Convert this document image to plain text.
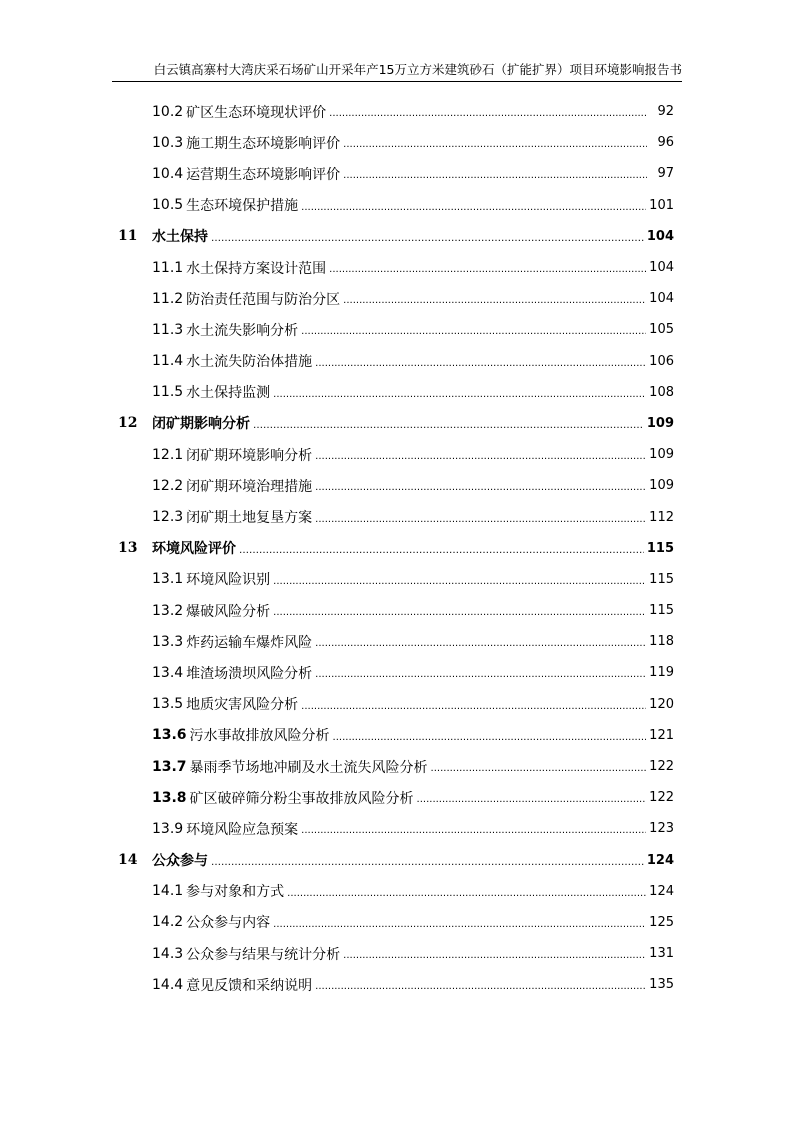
白云镇高寨村大湾庆采石场矿山开采年产15万立方米建筑砂石（扩能扩界）项目环境影响报告书
10.2 矿区生态环境现状评价 .....	92
10.3 施工期生态环境影响评价 .....	96
10.4 运营期生态环境影响评价 .....	97
10.5 生态环境保护措施 .....	101
11	水土保持 …………………………………………………………………………………………………………………………………………………………………………………	104
11.1 水土保持方案设计范围 .....	104
11.2 防治责任范围与防治分区 .....	104
11.3 水土流失影响分析 .....	105
11.4 水土流失防治体措施 .....	106
11.5 水土保持监测 .....	108
12	闭矿期影响分析 …………………………………………………………………………………………………………………………………………………………………………………	109
12.1 闭矿期环境影响分析 .....	109
12.2 闭矿期环境治理措施 .....	109
12.3 闭矿期土地复垦方案 .....	112
13	环境风险评价 …………………………………………………………………………………………………………………………………………………………………………………	115
13.1 环境风险识别 .....	115
13.2 爆破风险分析 .....	115
13.3 炸药运输车爆炸风险 .....	118
13.4 堆渣场溃坝风险分析 .....	119
13.5 地质灾害风险分析 .....	120
13.6 污水事故排放风险分析 .....	121
13.7 暴雨季节场地冲刷及水土流失风险分析 .....	122
13.8 矿区破碎筛分粉尘事故排放风险分析 .....	122
13.9 环境风险应急预案 .....	123
14	公众参与 …………………………………………………………………………………………………………………………………………………………………………………	124
14.1 参与对象和方式 .....	124
14.2 公众参与内容 .....	125
14.3 公众参与结果与统计分析 .....	131
14.4 意见反馈和采纳说明 .....	135
